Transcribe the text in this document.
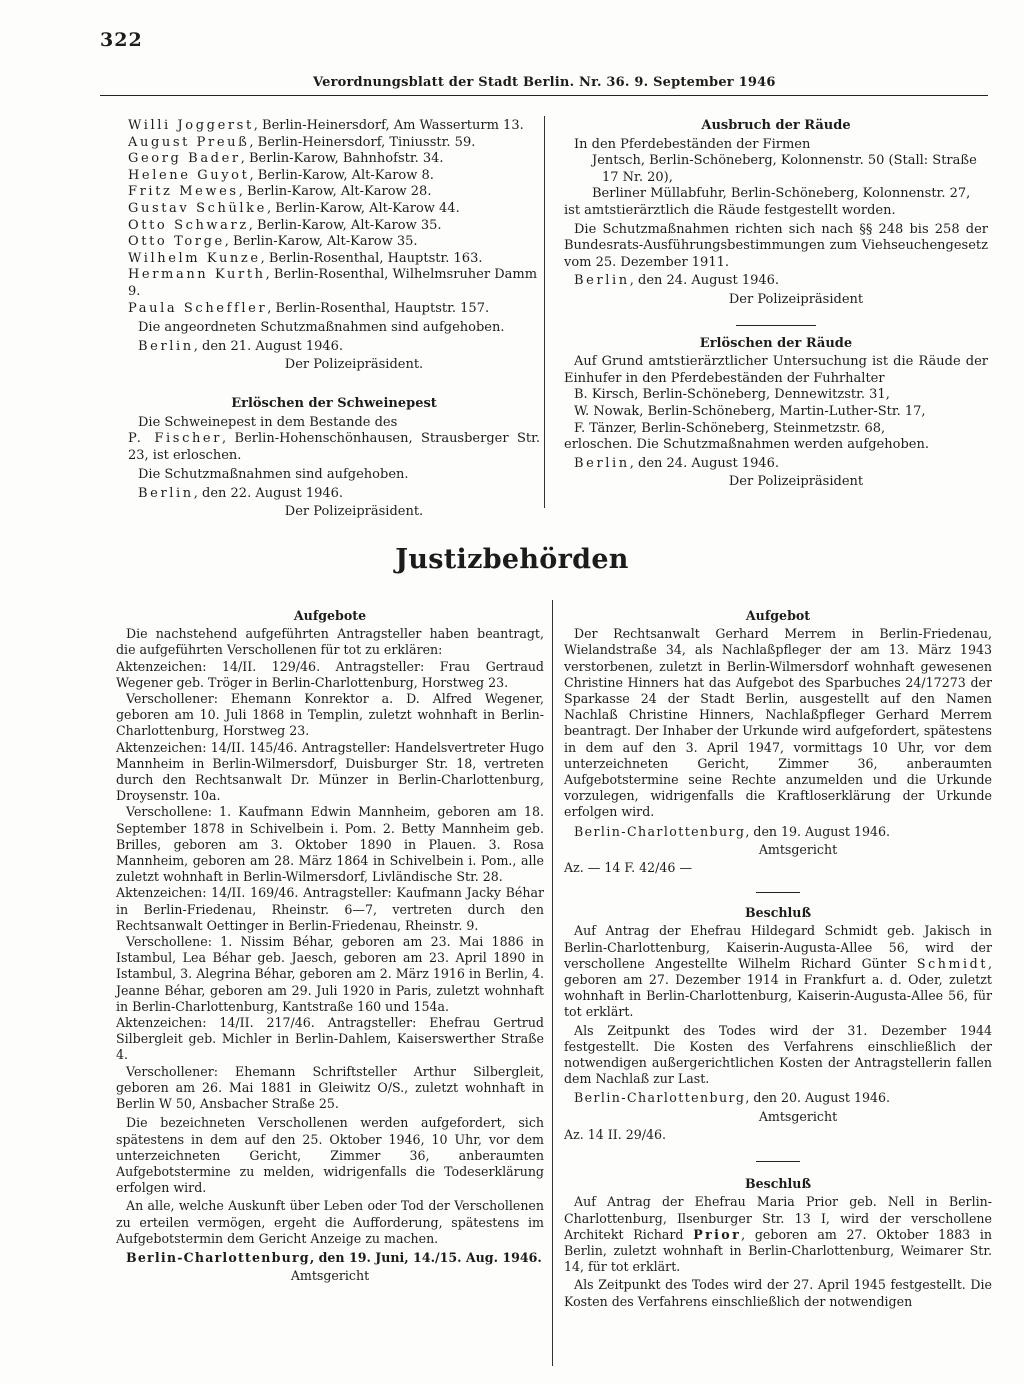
322
Verordnungsblatt der Stadt Berlin. Nr. 36. 9. September 1946

Willi Joggerst, Berlin-Heinersdorf, Am Wasserturm 13.

August Preuß, Berlin-Heinersdorf, Tiniusstr. 59.

Georg Bader, Berlin-Karow, Bahnhofstr. 34.

Helene Guyot, Berlin-Karow, Alt-Karow 8.

Fritz Mewes, Berlin-Karow, Alt-Karow 28.

Gustav Schülke, Berlin-Karow, Alt-Karow 44.

Otto Schwarz, Berlin-Karow, Alt-Karow 35.

Otto Torge, Berlin-Karow, Alt-Karow 35.

Wilhelm Kunze, Berlin-Rosenthal, Hauptstr. 163.

Hermann Kurth, Berlin-Rosenthal, Wilhelmsruher Damm 9.

Paula Scheffler, Berlin-Rosenthal, Hauptstr. 157.

Die angeordneten Schutzmaßnahmen sind aufgehoben.

Berlin, den 21. August 1946.

Der Polizeipräsident.

Erlöschen der Schweinepest

Die Schweinepest in dem Bestande des

P. Fischer, Berlin-Hohenschönhausen, Strausberger Str. 23, ist erloschen.

Die Schutzmaßnahmen sind aufgehoben.

Berlin, den 22. August 1946.

Der Polizeipräsident.

Ausbruch der Räude

In den Pferdebeständen der Firmen

Jentsch, Berlin-Schöneberg, Kolonnenstr. 50 (Stall: Straße 17 Nr. 20),

Berliner Müllabfuhr, Berlin-Schöneberg, Kolonnenstr. 27,

ist amtstierärztlich die Räude festgestellt worden.

Die Schutzmaßnahmen richten sich nach §§ 248 bis 258 der Bundesrats-Ausführungsbestimmungen zum Viehseuchengesetz vom 25. Dezember 1911.

Berlin, den 24. August 1946.

Der Polizeipräsident

Erlöschen der Räude

Auf Grund amtstierärztlicher Untersuchung ist die Räude der Einhufer in den Pferdebeständen der Fuhrhalter

B. Kirsch, Berlin-Schöneberg, Dennewitzstr. 31,

W. Nowak, Berlin-Schöneberg, Martin-Luther-Str. 17,

F. Tänzer, Berlin-Schöneberg, Steinmetzstr. 68,

erloschen. Die Schutzmaßnahmen werden aufgehoben.

Berlin, den 24. August 1946.

Der Polizeipräsident

Justizbehörden

Aufgebote

Die nachstehend aufgeführten Antragsteller haben beantragt, die aufgeführten Verschollenen für tot zu erklären:

Aktenzeichen: 14/II. 129/46. Antragsteller: Frau Gertraud Wegener geb. Tröger in Berlin-Charlottenburg, Horstweg 23.

Verschollener: Ehemann Konrektor a. D. Alfred Wegener, geboren am 10. Juli 1868 in Templin, zuletzt wohnhaft in Berlin-Charlottenburg, Horstweg 23.

Aktenzeichen: 14/II. 145/46. Antragsteller: Handelsvertreter Hugo Mannheim in Berlin-Wilmersdorf, Duisburger Str. 18, vertreten durch den Rechtsanwalt Dr. Münzer in Berlin-Charlottenburg, Droysenstr. 10a.

Verschollene: 1. Kaufmann Edwin Mannheim, geboren am 18. September 1878 in Schivelbein i. Pom. 2. Betty Mannheim geb. Brilles, geboren am 3. Oktober 1890 in Plauen. 3. Rosa Mannheim, geboren am 28. März 1864 in Schivelbein i. Pom., alle zuletzt wohnhaft in Berlin-Wilmersdorf, Livländische Str. 28.

Aktenzeichen: 14/II. 169/46. Antragsteller: Kaufmann Jacky Béhar in Berlin-Friedenau, Rheinstr. 6—7, vertreten durch den Rechtsanwalt Oettinger in Berlin-Friedenau, Rheinstr. 9.

Verschollene: 1. Nissim Béhar, geboren am 23. Mai 1886 in Istambul, Lea Béhar geb. Jaesch, geboren am 23. April 1890 in Istambul, 3. Alegrina Béhar, geboren am 2. März 1916 in Berlin, 4. Jeanne Béhar, geboren am 29. Juli 1920 in Paris, zuletzt wohnhaft in Berlin-Charlottenburg, Kantstraße 160 und 154a.

Aktenzeichen: 14/II. 217/46. Antragsteller: Ehefrau Gertrud Silbergleit geb. Michler in Berlin-Dahlem, Kaiserswerther Straße 4.

Verschollener: Ehemann Schriftsteller Arthur Silbergleit, geboren am 26. Mai 1881 in Gleiwitz O/S., zuletzt wohnhaft in Berlin W 50, Ansbacher Straße 25.

Die bezeichneten Verschollenen werden aufgefordert, sich spätestens in dem auf den 25. Oktober 1946, 10 Uhr, vor dem unterzeichneten Gericht, Zimmer 36, anberaumten Aufgebotstermine zu melden, widrigenfalls die Todeserklärung erfolgen wird.

An alle, welche Auskunft über Leben oder Tod der Verschollenen zu erteilen vermögen, ergeht die Aufforderung, spätestens im Aufgebotstermin dem Gericht Anzeige zu machen.

Berlin-Charlottenburg, den 19. Juni, 14./15. Aug. 1946.

Amtsgericht

Aufgebot

Der Rechtsanwalt Gerhard Merrem in Berlin-Friedenau, Wielandstraße 34, als Nachlaßpfleger der am 13. März 1943 verstorbenen, zuletzt in Berlin-Wilmersdorf wohnhaft gewesenen Christine Hinners hat das Aufgebot des Sparbuches 24/17273 der Sparkasse 24 der Stadt Berlin, ausgestellt auf den Namen Nachlaß Christine Hinners, Nachlaßpfleger Gerhard Merrem beantragt. Der Inhaber der Urkunde wird aufgefordert, spätestens in dem auf den 3. April 1947, vormittags 10 Uhr, vor dem unterzeichneten Gericht, Zimmer 36, anberaumten Aufgebotstermine seine Rechte anzumelden und die Urkunde vorzulegen, widrigenfalls die Kraftloserklärung der Urkunde erfolgen wird.

Berlin-Charlottenburg, den 19. August 1946.

Amtsgericht

Az. — 14 F. 42/46 —

Beschluß

Auf Antrag der Ehefrau Hildegard Schmidt geb. Jakisch in Berlin-Charlottenburg, Kaiserin-Augusta-Allee 56, wird der verschollene Angestellte Wilhelm Richard Günter Schmidt, geboren am 27. Dezember 1914 in Frankfurt a. d. Oder, zuletzt wohnhaft in Berlin-Charlottenburg, Kaiserin-Augusta-Allee 56, für tot erklärt.

Als Zeitpunkt des Todes wird der 31. Dezember 1944 festgestellt. Die Kosten des Verfahrens einschließlich der notwendigen außergerichtlichen Kosten der Antragstellerin fallen dem Nachlaß zur Last.

Berlin-Charlottenburg, den 20. August 1946.

Amtsgericht

Az. 14 II. 29/46.

Beschluß

Auf Antrag der Ehefrau Maria Prior geb. Nell in Berlin-Charlottenburg, Ilsenburger Str. 13 I, wird der verschollene Architekt Richard Prior, geboren am 27. Oktober 1883 in Berlin, zuletzt wohnhaft in Berlin-Charlottenburg, Weimarer Str. 14, für tot erklärt.

Als Zeitpunkt des Todes wird der 27. April 1945 festgestellt. Die Kosten des Verfahrens einschließlich der notwendigen
